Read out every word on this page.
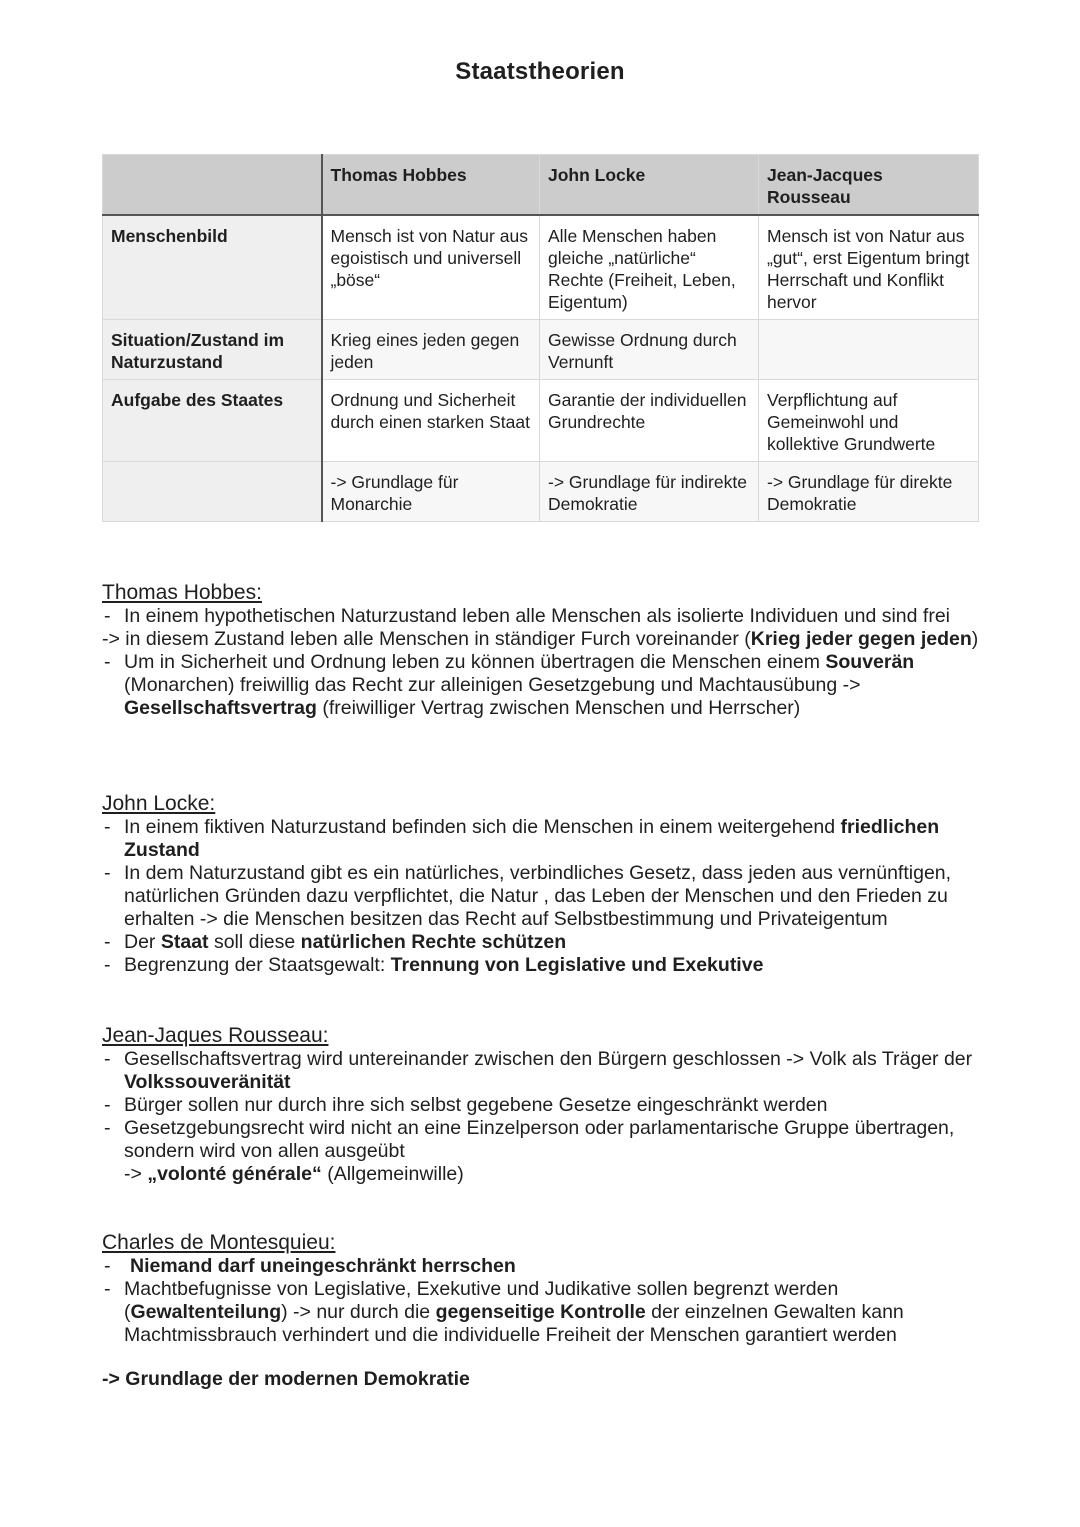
Staatstheorien
	Thomas Hobbes	John Locke	Jean-Jacques Rousseau
Menschenbild	Mensch ist von Natur aus egoistisch und universell „böse“	Alle Menschen haben gleiche „natürliche“ Rechte (Freiheit, Leben, Eigentum)	Mensch ist von Natur aus „gut“, erst Eigentum bringt Herrschaft und Konflikt hervor
Situation/Zustand im Naturzustand	Krieg eines jeden gegen jeden	Gewisse Ordnung durch Vernunft	
Aufgabe des Staates	Ordnung und Sicherheit durch einen starken Staat	Garantie der individuellen Grundrechte	Verpflichtung auf Gemeinwohl und kollektive Grundwerte
	-> Grundlage für Monarchie	-> Grundlage für indirekte Demokratie	-> Grundlage für direkte Demokratie
Thomas Hobbes:
- In einem hypothetischen Naturzustand leben alle Menschen als isolierte Individuen und sind frei
-> in diesem Zustand leben alle Menschen in ständiger Furch voreinander (Krieg jeder gegen jeden)
- Um in Sicherheit und Ordnung leben zu können übertragen die Menschen einem Souverän (Monarchen) freiwillig das Recht zur alleinigen Gesetzgebung und Machtausübung -> Gesellschaftsvertrag (freiwilliger Vertrag zwischen Menschen und Herrscher)
John Locke:
- In einem fiktiven Naturzustand befinden sich die Menschen in einem weitergehend friedlichen Zustand
- In dem Naturzustand gibt es ein natürliches, verbindliches Gesetz, dass jeden aus vernünftigen, natürlichen Gründen dazu verpflichtet, die Natur , das Leben der Menschen und den Frieden zu erhalten -> die Menschen besitzen das Recht auf Selbstbestimmung und Privateigentum
- Der Staat soll diese natürlichen Rechte schützen
- Begrenzung der Staatsgewalt: Trennung von Legislative und Exekutive
Jean-Jaques Rousseau:
- Gesellschaftsvertrag wird untereinander zwischen den Bürgern geschlossen -> Volk als Träger der Volkssouveränität
- Bürger sollen nur durch ihre sich selbst gegebene Gesetze eingeschränkt werden
- Gesetzgebungsrecht wird nicht an eine Einzelperson oder parlamentarische Gruppe übertragen, sondern wird von allen ausgeübt
-> „volonté générale“ (Allgemeinwille)
Charles de Montesquieu:
- Niemand darf uneingeschränkt herrschen
- Machtbefugnisse von Legislative, Exekutive und Judikative sollen begrenzt werden (Gewaltenteilung) -> nur durch die gegenseitige Kontrolle der einzelnen Gewalten kann Machtmissbrauch verhindert und die individuelle Freiheit der Menschen garantiert werden
-> Grundlage der modernen Demokratie
